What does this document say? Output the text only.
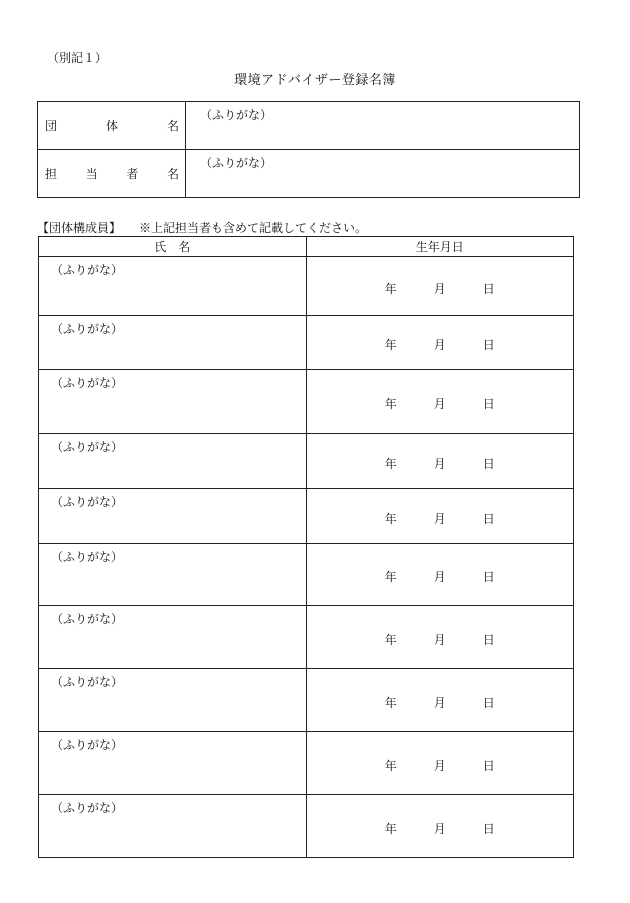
（別記１）
環境アドバイザー登録名簿
団 体 名	（ふりがな）

担 当 者 名	（ふりがな）
【団体構成員】 ※上記担当者も含めて記載してください。
氏　名	生年月日
（ふりがな）	年 月 日

（ふりがな）	年 月 日

（ふりがな）	年 月 日

（ふりがな）	年 月 日

（ふりがな）	年 月 日

（ふりがな）	年 月 日

（ふりがな）	年 月 日

（ふりがな）	年 月 日

（ふりがな）	年 月 日

（ふりがな）	年 月 日
